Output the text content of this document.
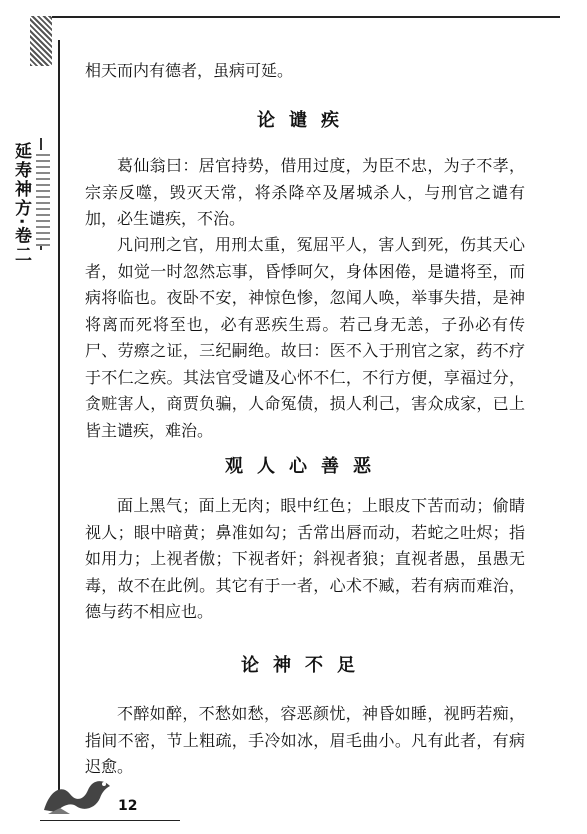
延寿神方·卷二

相天而内有德者，虽病可延。

论谴疾

葛仙翁曰：居官持势，借用过度，为臣不忠，为子不孝，宗亲反噬，毁灭天常，将杀降卒及屠城杀人，与刑官之谴有加，必生谴疾，不治。

凡问刑之官，用刑太重，冤屈平人，害人到死，伤其天心者，如觉一时忽然忘事，昏悸呵欠，身体困倦，是谴将至，而病将临也。夜卧不安，神惊色惨，忽闻人唤，举事失措，是神将离而死将至也，必有恶疾生焉。若己身无恙，子孙必有传尸、劳瘵之证，三纪嗣绝。故曰：医不入于刑官之家，药不疗于不仁之疾。其法官受谴及心怀不仁，不行方便，享福过分，贪赃害人，商贾负骗，人命冤债，损人利己，害众成家，已上皆主谴疾，难治。

观人心善恶

面上黑气；面上无肉；眼中红色；上眼皮下苦而动；偷睛视人；眼中暗黄；鼻准如勾；舌常出唇而动，若蛇之吐烬；指如用力；上视者傲；下视者奸；斜视者狼；直视者愚，虽愚无毒，故不在此例。其它有于一者，心术不臧，若有病而难治，德与药不相应也。

论神不足

不醉如醉，不愁如愁，容恶颜忧，神昏如睡，视眄若痴，指间不密，节上粗疏，手冷如冰，眉毛曲小。凡有此者，有病迟愈。

12
